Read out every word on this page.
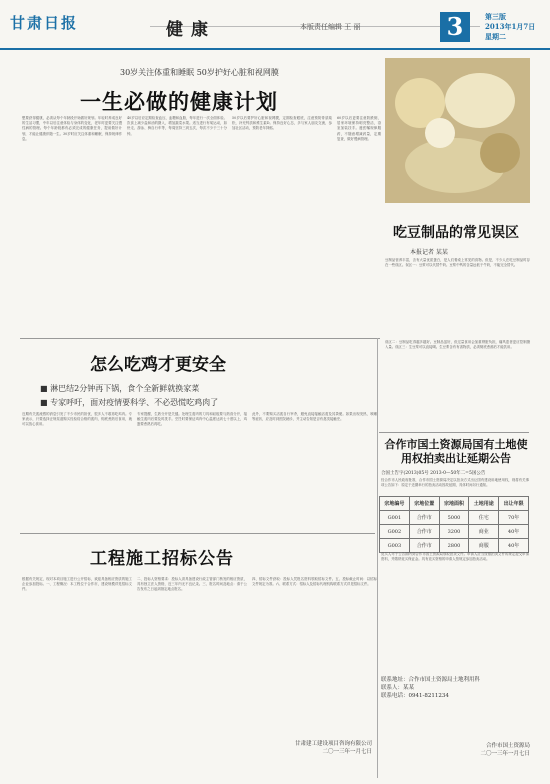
甘肃日报	健康	本版责任编辑 王 丽	3	第三版
2013年1月7日
星期二
30岁关注体重和睡眠 50岁护好心脏和视网膜
一生必做的健康计划
想要获得健康，必须从每个年龄段开始做好规划。年轻时养成良好的生活习惯，中年以后注意体检与身体的变化，老年时更要关注慢性病的管理。每个年龄段都有必须完成的健康任务，提前做好计划，才能让健康伴随一生。30岁时应关注体重和睡眠，保持规律作息。
40岁以后应定期检查血压、血糖和血脂，每年进行一次全面体检。饮食上减少盐和油的摄入，增加蔬菜水果。适当进行有氧运动，如快走、游泳、骑自行车等，每周坚持三到五次，每次不少于三十分钟。
50岁以后要护好心脏和视网膜，定期检查眼底，注意预防骨质疏松，补充钙质和维生素D。保持良好心态，多与家人朋友交流，参加社区活动，预防老年抑郁。
60岁以后更要注意防跌倒，居家环境保持明亮整洁，浴室加装扶手。遵医嘱规律服药，不随意增减药量，定期复查，做好慢病管理。
吃豆制品的常见误区
本报记者 某某
豆制品营养丰富，含有大量优质蛋白，是人们餐桌上常见的食物。但是，不少人在吃豆制品时存在一些误区。误区一：豆浆可以代替牛奶。豆浆中钙的含量远低于牛奶，不能完全替代。
误区二：豆制品吃得越多越好。豆制品虽好，但过量食用会加重肾脏负担，痛风患者更应控制摄入量。误区三：生豆浆可以直接喝。生豆浆含有有害物质，必须彻底煮沸后才能饮用。
怎么吃鸡才更安全
■ 淋巴结2分钟再下锅，食个全新鲜就换家菜
■ 专家呼吁，面对疫情要科学、不必恐慌吃鸡肉了
近期有关禽流感的消息引发了不少市民的担忧，很多人不敢再吃鸡肉。专家表示，只要选择正规渠道购买经检疫合格的禽肉，彻底煮熟后食用，就可以放心食用。
专家提醒，生熟分开是关键。处理生禽肉的刀具和砧板要与熟食分开，接触生禽肉后要及时洗手。烹饪时要保证鸡肉中心温度达到七十度以上，鸡蛋要煮熟后再吃。
此外，不要购买活禽自行宰杀，避免直接接触活禽及其粪便。如果出现发热、咳嗽等症状，应及时到医院就诊，并主动告知是否有禽类接触史。
合作市国土资源局国有土地使用权拍卖出让延期公告
合国土告字(2013)05号 2013-0—50年二=5国公告
经合作市人民政府批准，合作市国土资源局决定以拍卖方式出让国有建设用地使用权，现将有关事项公告如下：原定于近期举行的拍卖活动因故延期，具体时间另行通知。
宗地编号	宗地位置	宗地面积	土地用途	出让年限
G001	合作市	5000	住宅	70年
G002	合作市	3200	商业	40年
G003	合作市	2800	商服	40年
竞买人可于公告期内到合作市国土资源局领取拍卖文件。申请人应当按照拍卖文件的规定提交申请资料，并缴纳竞买保证金。具有竞买资格的申请人按规定参加拍卖活动。
联系地址：合作市国土资源局土地利用科
联系人：某某
联系电话：0941-8211234
合作市国土资源局
二〇一三年一月七日
工程施工招标公告
根据有关规定，现对本项目施工进行公开招标，欢迎具备相应资质的施工企业参加投标。一、工程概况：本工程位于合作市，建设规模详见招标文件。
二、投标人资格要求：投标人须具备建设行政主管部门核发的相应资质，具有独立法人资格，近三年内无不良记录。三、报名时间及地点：请于公告发布之日起到指定地点报名。
四、招标文件获取：投标人凭报名资料领取招标文件。五、投标截止时间：以招标文件规定为准。六、联系方式：招标人及招标代理机构联系方式详见招标文件。
甘肃建工建设项目咨询有限公司
二〇一三年一月七日
